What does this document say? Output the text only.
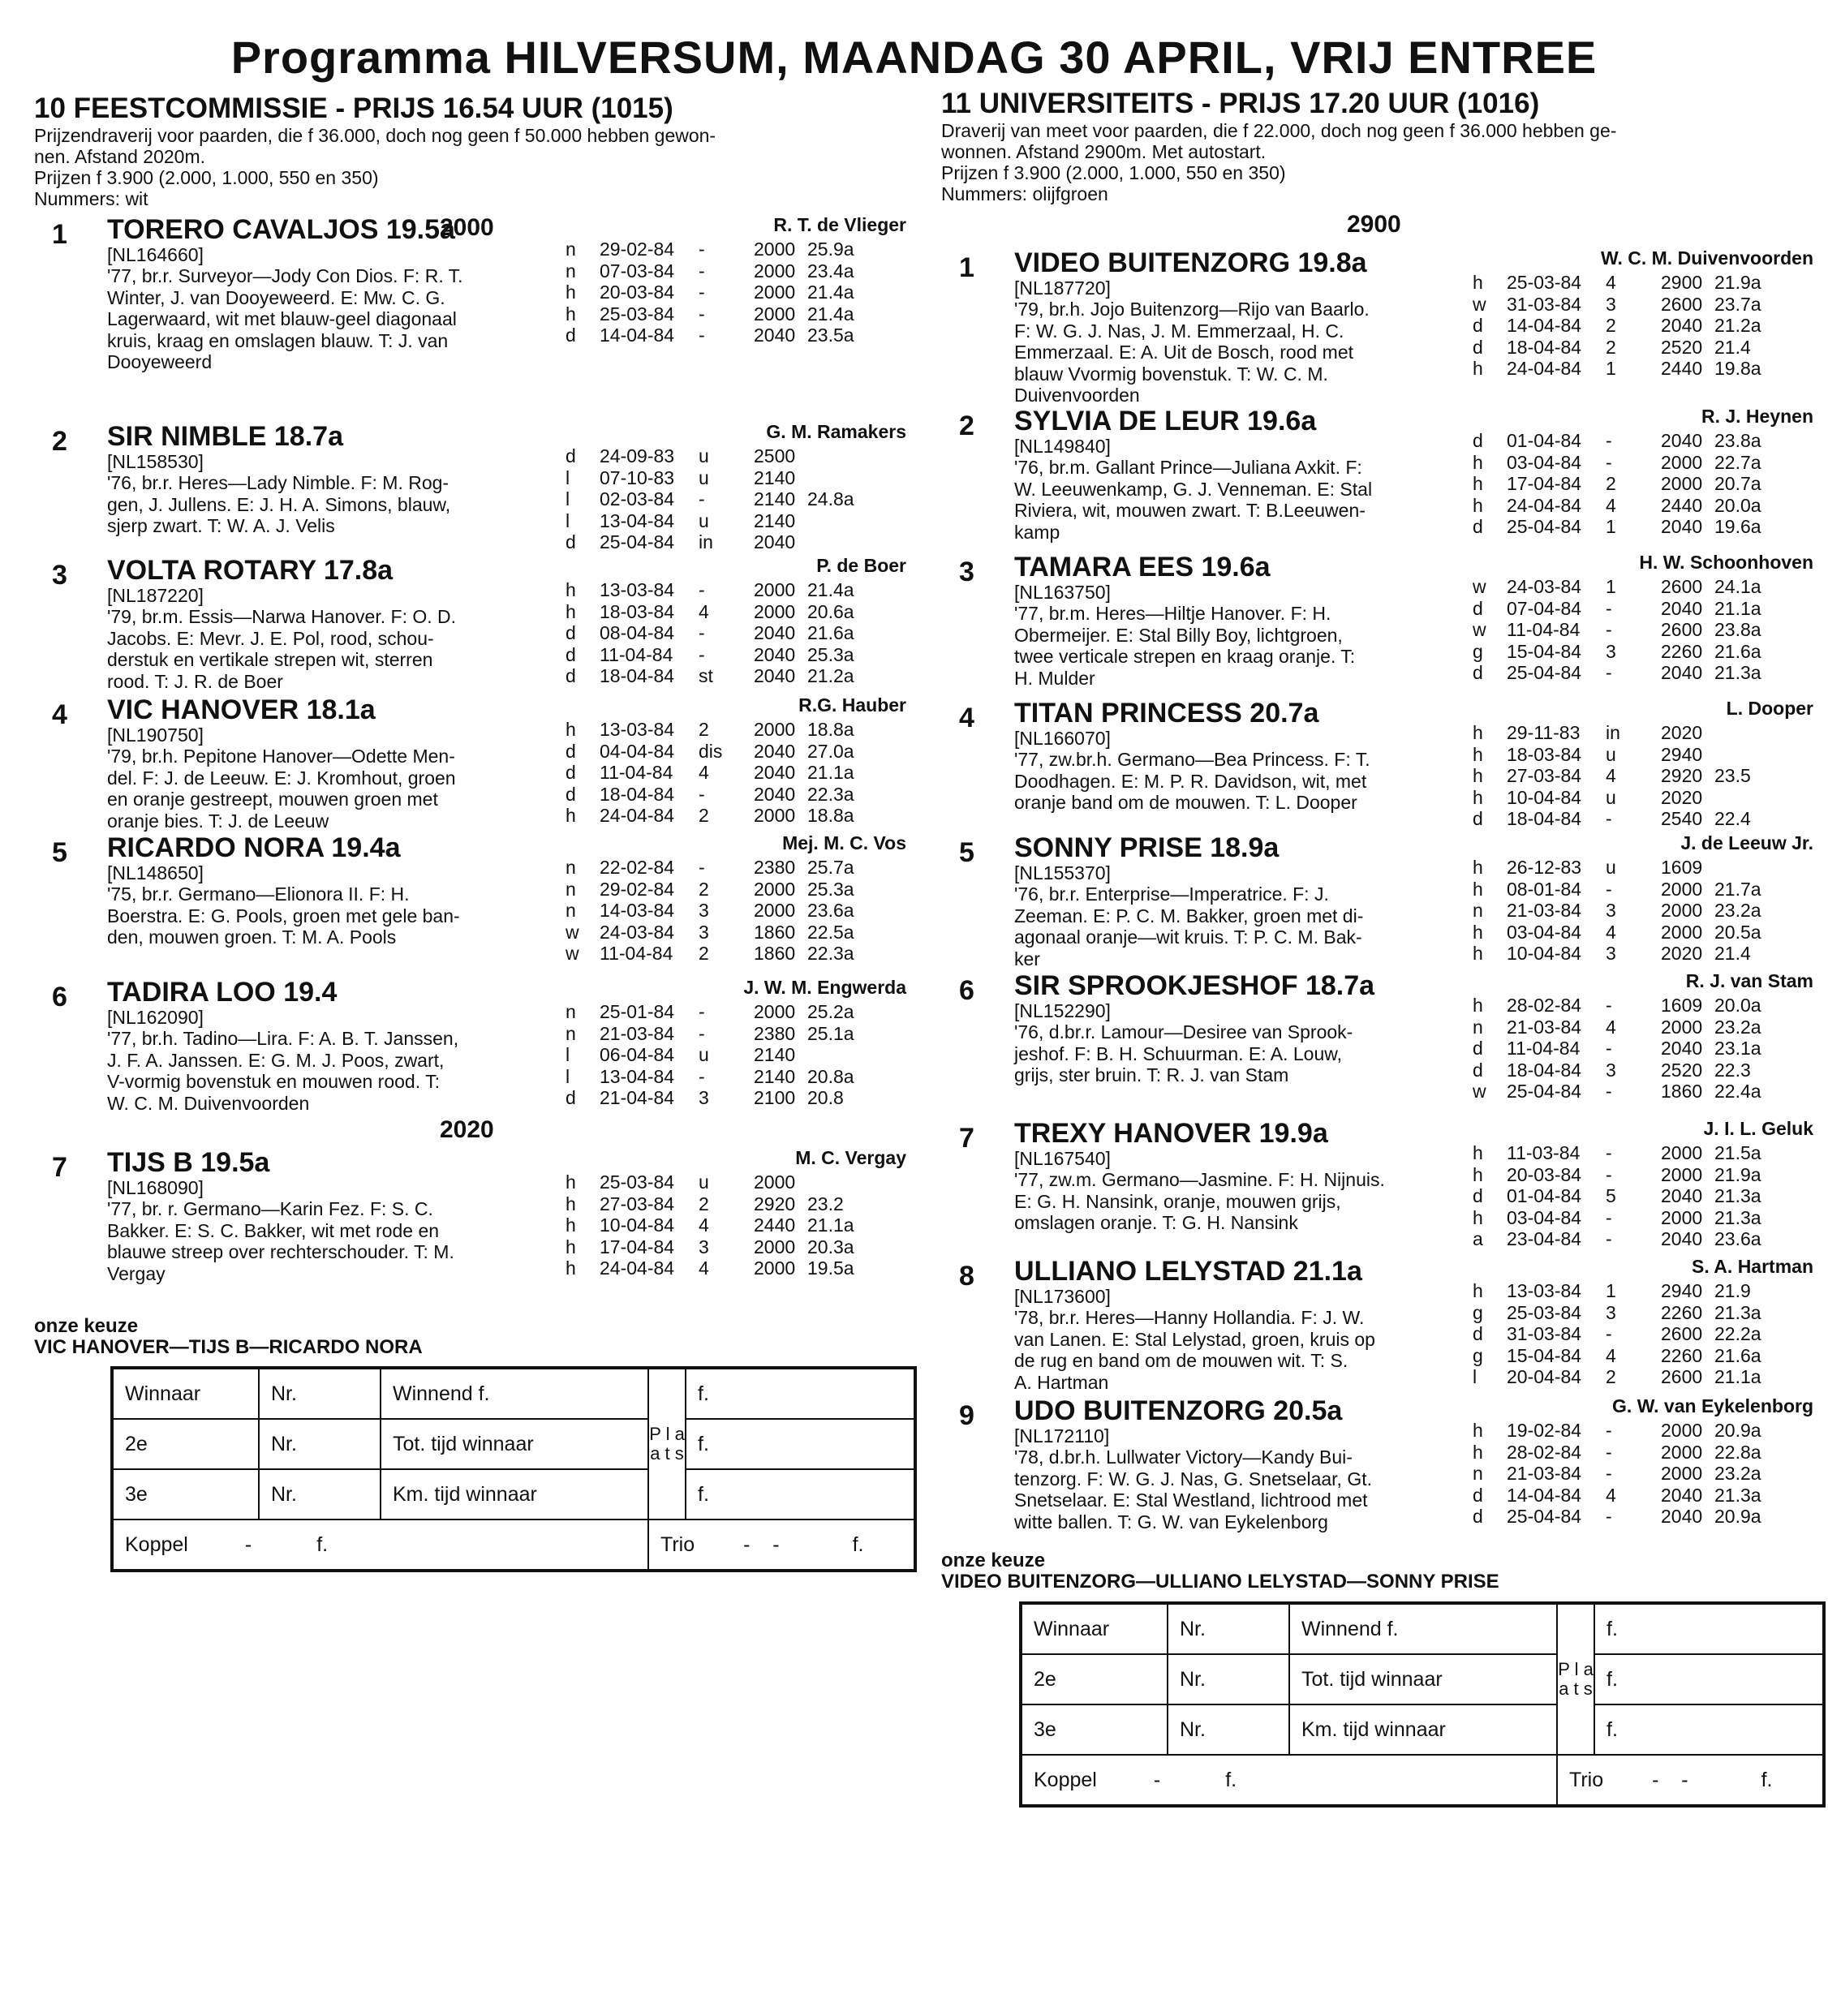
Programma HILVERSUM, MAANDAG 30 APRIL, VRIJ ENTREE
10 FEESTCOMMISSIE - PRIJS 16.54 UUR (1015)
Prijzendraverij voor paarden, die f 36.000, doch nog geen f 50.000 hebben gewon-
nen. Afstand 2020m.
Prijzen f 3.900 (2.000, 1.000, 550 en 350)
Nummers: wit
2000
2020
1 TORERO CAVALJOS 19.5a
[NL164660]
'77, br.r. Surveyor—Jody Con Dios. F: R. T.
Winter, J. van Dooyeweerd. E: Mw. C. G.
Lagerwaard, wit met blauw-geel diagonaal
kruis, kraag en omslagen blauw. T: J. van
Dooyeweerd
R. T. de Vlieger
n 29-02-84 -	2000 25.9a
n 07-03-84 -	2000 23.4a
h 20-03-84 -	2000 21.4a
h 25-03-84 -	2000 21.4a
d 14-04-84 -	2040 23.5a
2 SIR NIMBLE 18.7a
[NL158530]
'76, br.r. Heres—Lady Nimble. F: M. Rog-
gen, J. Jullens. E: J. H. A. Simons, blauw,
sjerp zwart. T: W. A. J. Velis
G. M. Ramakers
d 24-09-83 u 2500
l 07-10-83 u 2140
l 02-03-84 -	2140 24.8a
l 13-04-84 u 2140
d 25-04-84 in 2040
3 VOLTA ROTARY 17.8a
[NL187220]
'79, br.m. Essis—Narwa Hanover. F: O. D.
Jacobs. E: Mevr. J. E. Pol, rood, schou-
derstuk en vertikale strepen wit, sterren
rood. T: J. R. de Boer
P. de Boer
h 13-03-84 -	2000 21.4a
h 18-03-84 4 2000 20.6a
d 08-04-84 -	2040 21.6a
d 11-04-84 -	2040 25.3a
d 18-04-84 st 2040 21.2a
4 VIC HANOVER 18.1a
[NL190750]
'79, br.h. Pepitone Hanover—Odette Men-
del. F: J. de Leeuw. E: J. Kromhout, groen
en oranje gestreept, mouwen groen met
oranje bies. T: J. de Leeuw
R.G. Hauber
h 13-03-84 2 2000 18.8a
d 04-04-84 dis 2040 27.0a
d 11-04-84 4 2040 21.1a
d 18-04-84 -	2040 22.3a
h 24-04-84 2 2000 18.8a
5 RICARDO NORA 19.4a
[NL148650]
'75, br.r. Germano—Elionora II. F: H.
Boerstra. E: G. Pools, groen met gele ban-
den, mouwen groen. T: M. A. Pools
Mej. M. C. Vos
n 22-02-84 -	2380 25.7a
n 29-02-84 2 2000 25.3a
n 14-03-84 3 2000 23.6a
w 24-03-84 3 1860 22.5a
w 11-04-84 2 1860 22.3a
6 TADIRA LOO 19.4
[NL162090]
'77, br.h. Tadino—Lira. F: A. B. T. Janssen,
J. F. A. Janssen. E: G. M. J. Poos, zwart,
V-vormig bovenstuk en mouwen rood. T:
W. C. M. Duivenvoorden
J. W. M. Engwerda
n 25-01-84 -	2000 25.2a
n 21-03-84 -	2380 25.1a
l 06-04-84 u 2140
l 13-04-84 -	2140 20.8a
d 21-04-84 3 2100 20.8
7 TIJS B 19.5a
[NL168090]
'77, br. r. Germano—Karin Fez. F: S. C.
Bakker. E: S. C. Bakker, wit met rode en
blauwe streep over rechterschouder. T: M.
Vergay
M. C. Vergay
h 25-03-84 u 2000
h 27-03-84 2 2920 23.2
h 10-04-84 4 2440 21.1a
h 17-04-84 3 2000 20.3a
h 24-04-84 4 2000 19.5a
onze keuze
VIC HANOVER—TIJS B—RICARDO NORA
Winnaar	Nr.	Winnend f.	P l a a t s	f.
2e	Nr.	Tot. tijd winnaar		f.
3e	Nr.	Km. tijd winnaar		f.
Koppel - f.			Trio -    - f.	
11 UNIVERSITEITS - PRIJS 17.20 UUR (1016)
Draverij van meet voor paarden, die f 22.000, doch nog geen f 36.000 hebben ge-
wonnen. Afstand 2900m. Met autostart.
Prijzen f 3.900 (2.000, 1.000, 550 en 350)
Nummers: olijfgroen
2900
1 VIDEO BUITENZORG 19.8a
[NL187720]
'79, br.h. Jojo Buitenzorg—Rijo van Baarlo.
F: W. G. J. Nas, J. M. Emmerzaal, H. C.
Emmerzaal. E: A. Uit de Bosch, rood met
blauw Vvormig bovenstuk. T: W. C. M.
Duivenvoorden
W. C. M. Duivenvoorden
h 25-03-84 4 2900 21.9a
w 31-03-84 3 2600 23.7a
d 14-04-84 2 2040 21.2a
d 18-04-84 2 2520 21.4
h 24-04-84 1 2440 19.8a
2 SYLVIA DE LEUR 19.6a
[NL149840]
'76, br.m. Gallant Prince—Juliana Axkit. F:
W. Leeuwenkamp, G. J. Venneman. E: Stal
Riviera, wit, mouwen zwart. T: B.Leeuwen-
kamp
R. J. Heynen
d 01-04-84 -	2040 23.8a
h 03-04-84 -	2000 22.7a
h 17-04-84 2 2000 20.7a
h 24-04-84 4 2440 20.0a
d 25-04-84 1 2040 19.6a
3 TAMARA EES 19.6a
[NL163750]
'77, br.m. Heres—Hiltje Hanover. F: H.
Obermeijer. E: Stal Billy Boy, lichtgroen,
twee verticale strepen en kraag oranje. T:
H. Mulder
H. W. Schoonhoven
w 24-03-84 1 2600 24.1a
d 07-04-84 -	2040 21.1a
w 11-04-84 -	2600 23.8a
g 15-04-84 3 2260 21.6a
d 25-04-84 -	2040 21.3a
4 TITAN PRINCESS 20.7a
[NL166070]
'77, zw.br.h. Germano—Bea Princess. F: T.
Doodhagen. E: M. P. R. Davidson, wit, met
oranje band om de mouwen. T: L. Dooper
L. Dooper
h 29-11-83 in 2020
h 18-03-84 u 2940
h 27-03-84 4 2920 23.5
h 10-04-84 u 2020
d 18-04-84 -	2540 22.4
5 SONNY PRISE 18.9a
[NL155370]
'76, br.r. Enterprise—Imperatrice. F: J.
Zeeman. E: P. C. M. Bakker, groen met di-
agonaal oranje—wit kruis. T: P. C. M. Bak-
ker
J. de Leeuw Jr.
h 26-12-83 u 1609
h 08-01-84 -	2000 21.7a
n 21-03-84 3 2000 23.2a
h 03-04-84 4 2000 20.5a
h 10-04-84 3 2020 21.4
6 SIR SPROOKJESHOF 18.7a
[NL152290]
'76, d.br.r. Lamour—Desiree van Sprook-
jeshof. F: B. H. Schuurman. E: A. Louw,
grijs, ster bruin. T: R. J. van Stam
R. J. van Stam
h 28-02-84 -	1609 20.0a
n 21-03-84 4 2000 23.2a
d 11-04-84 -	2040 23.1a
d 18-04-84 3 2520 22.3
w 25-04-84 -	1860 22.4a
7 TREXY HANOVER 19.9a
[NL167540]
'77, zw.m. Germano—Jasmine. F: H. Nijnuis.
E: G. H. Nansink, oranje, mouwen grijs,
omslagen oranje. T: G. H. Nansink
J. I. L. Geluk
h 11-03-84 -	2000 21.5a
h 20-03-84 -	2000 21.9a
d 01-04-84 5 2040 21.3a
h 03-04-84 -	2000 21.3a
a 23-04-84 -	2040 23.6a
8 ULLIANO LELYSTAD 21.1a
[NL173600]
'78, br.r. Heres—Hanny Hollandia. F: J. W.
van Lanen. E: Stal Lelystad, groen, kruis op
de rug en band om de mouwen wit. T: S.
A. Hartman
S. A. Hartman
h 13-03-84 1 2940 21.9
g 25-03-84 3 2260 21.3a
d 31-03-84 -	2600 22.2a
g 15-04-84 4 2260 21.6a
l 20-04-84 2 2600 21.1a
9 UDO BUITENZORG 20.5a
[NL172110]
'78, d.br.h. Lullwater Victory—Kandy Bui-
tenzorg. F: W. G. J. Nas, G. Snetselaar, Gt.
Snetselaar. E: Stal Westland, lichtrood met
witte ballen. T: G. W. van Eykelenborg
G. W. van Eykelenborg
h 19-02-84 -	2000 20.9a
h 28-02-84 -	2000 22.8a
n 21-03-84 -	2000 23.2a
d 14-04-84 4 2040 21.3a
d 25-04-84 -	2040 20.9a
onze keuze
VIDEO BUITENZORG—ULLIANO LELYSTAD—SONNY PRISE
Winnaar	Nr.	Winnend f.	P l a a t s	f.
2e	Nr.	Tot. tijd winnaar		f.
3e	Nr.	Km. tijd winnaar		f.
Koppel - f.			Trio -    - f.	
